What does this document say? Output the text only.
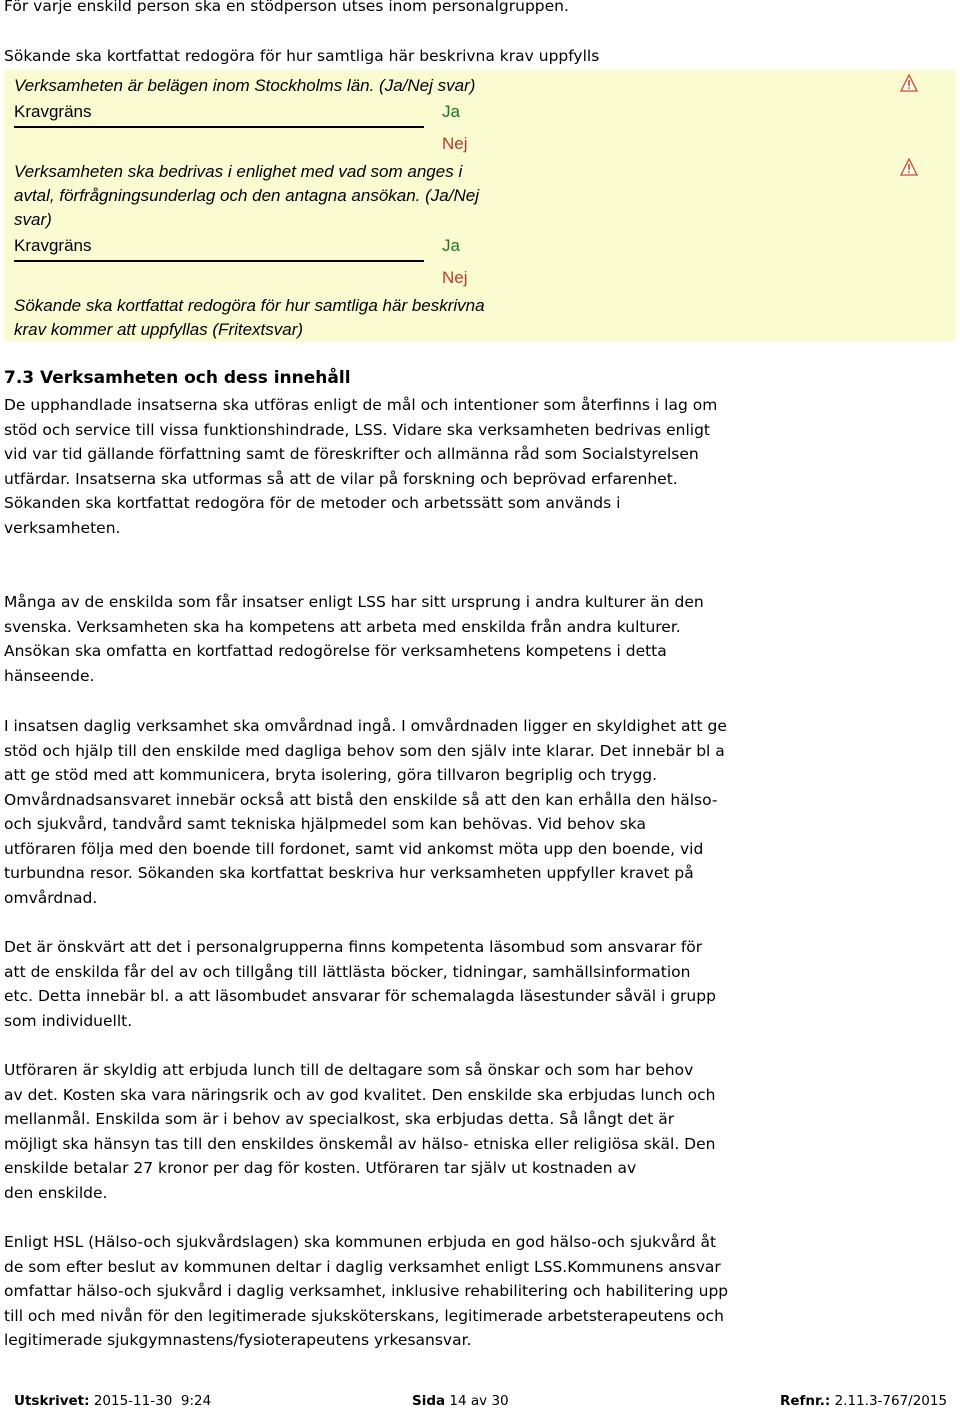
För varje enskild person ska en stödperson utses inom personalgruppen.
Sökande ska kortfattat redogöra för hur samtliga här beskrivna krav uppfylls
Verksamheten är belägen inom Stockholms län. (Ja/Nej svar)
Kravgräns	Ja
Nej
Verksamheten ska bedrivas i enlighet med vad som anges i
avtal, förfrågningsunderlag och den antagna ansökan. (Ja/Nej
svar)
Kravgräns	Ja
Nej
Sökande ska kortfattat redogöra för hur samtliga här beskrivna
krav kommer att uppfyllas (Fritextsvar)
7.3 Verksamheten och dess innehåll
De upphandlade insatserna ska utföras enligt de mål och intentioner som återfinns i lag om
stöd och service till vissa funktionshindrade, LSS. Vidare ska verksamheten bedrivas enligt
vid var tid gällande författning samt de föreskrifter och allmänna råd som Socialstyrelsen
utfärdar. Insatserna ska utformas så att de vilar på forskning och beprövad erfarenhet.
Sökanden ska kortfattat redogöra för de metoder och arbetssätt som används i
verksamheten.
Många av de enskilda som får insatser enligt LSS har sitt ursprung i andra kulturer än den
svenska. Verksamheten ska ha kompetens att arbeta med enskilda från andra kulturer.
Ansökan ska omfatta en kortfattad redogörelse för verksamhetens kompetens i detta
hänseende.
I insatsen daglig verksamhet ska omvårdnad ingå. I omvårdnaden ligger en skyldighet att ge
stöd och hjälp till den enskilde med dagliga behov som den själv inte klarar. Det innebär bl a
att ge stöd med att kommunicera, bryta isolering, göra tillvaron begriplig och trygg.
Omvårdnadsansvaret innebär också att bistå den enskilde så att den kan erhålla den hälso-
och sjukvård, tandvård samt tekniska hjälpmedel som kan behövas. Vid behov ska
utföraren följa med den boende till fordonet, samt vid ankomst möta upp den boende, vid
turbundna resor. Sökanden ska kortfattat beskriva hur verksamheten uppfyller kravet på
omvårdnad.
Det är önskvärt att det i personalgrupperna finns kompetenta läsombud som ansvarar för
att de enskilda får del av och tillgång till lättlästa böcker, tidningar, samhällsinformation
etc. Detta innebär bl. a att läsombudet ansvarar för schemalagda läsestunder såväl i grupp
som individuellt.
Utföraren är skyldig att erbjuda lunch till de deltagare som så önskar och som har behov
av det. Kosten ska vara näringsrik och av god kvalitet. Den enskilde ska erbjudas lunch och
mellanmål. Enskilda som är i behov av specialkost, ska erbjudas detta. Så långt det är
möjligt ska hänsyn tas till den enskildes önskemål av hälso- etniska eller religiösa skäl. Den
enskilde betalar 27 kronor per dag för kosten. Utföraren tar själv ut kostnaden av
den enskilde.
Enligt HSL (Hälso-och sjukvårdslagen) ska kommunen erbjuda en god hälso-och sjukvård åt
de som efter beslut av kommunen deltar i daglig verksamhet enligt LSS.Kommunens ansvar
omfattar hälso-och sjukvård i daglig verksamhet, inklusive rehabilitering och habilitering upp
till och med nivån för den legitimerade sjuksköterskans, legitimerade arbetsterapeutens och
legitimerade sjukgymnastens/fysioterapeutens yrkesansvar.
Utskrivet: 2015-11-30  9:24	Sida 14 av 30	Refnr.: 2.11.3-767/2015
